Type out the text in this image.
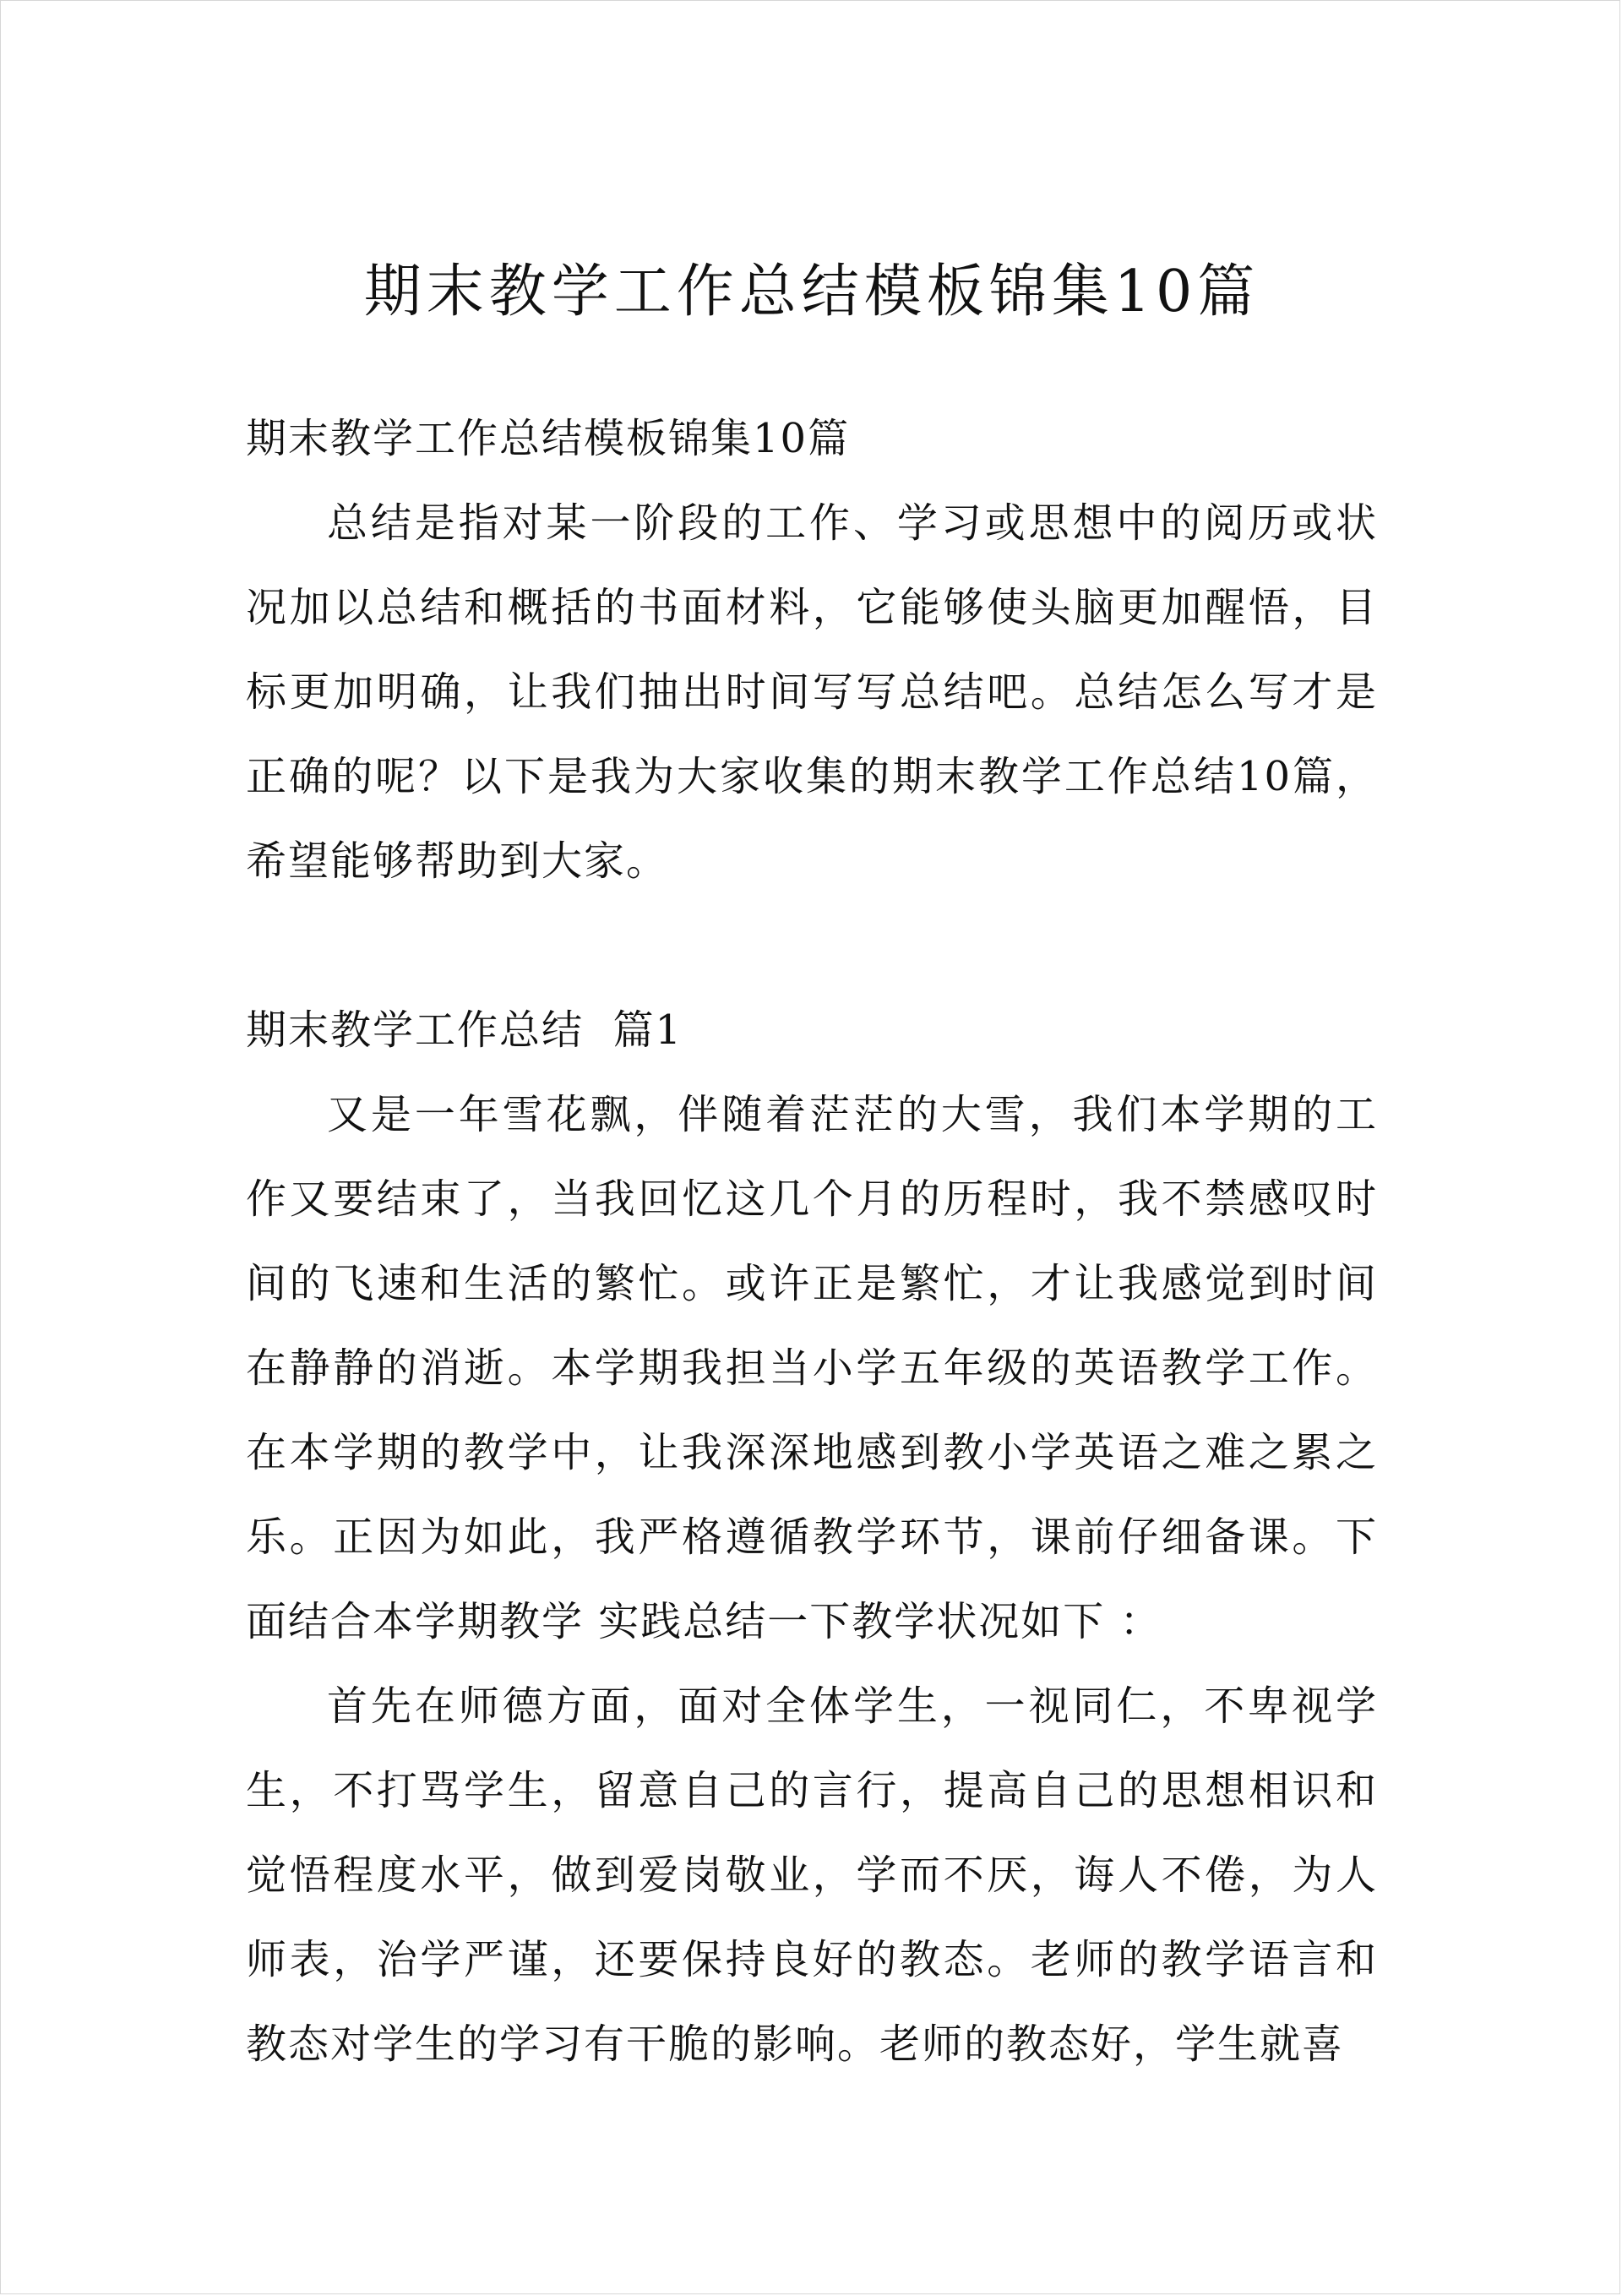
期末教学工作总结模板锦集10篇

期末教学工作总结模板锦集10篇

总结是指对某一阶段的工作、学习或思想中的阅历或状况加以总结和概括的书面材料，它能够使头脑更加醒悟，目标更加明确，让我们抽出时间写写总结吧。总结怎么写才是正确的呢？以下是我为大家收集的期末教学工作总结10篇，希望能够帮助到大家。

期末教学工作总结  篇1

又是一年雪花飘，伴随着茫茫的大雪，我们本学期的工作又要结束了，当我回忆这几个月的历程时，我不禁感叹时间的飞速和生活的繁忙。或许正是繁忙，才让我感觉到时间在静静的消逝。本学期我担当小学五年级的英语教学工作。在本学期的教学中，让我深深地感到教小学英语之难之累之乐。正因为如此，我严格遵循教学环节，课前仔细备课。下面结合本学期教学 实践总结一下教学状况如下 ：

首先在师德方面，面对全体学生，一视同仁，不卑视学生，不打骂学生，留意自己的言行，提高自己的思想相识和觉悟程度水平，做到爱岗敬业，学而不厌，诲人不倦，为人师表，治学严谨，还要保持良好的教态。老师的教学语言和教态对学生的学习有干脆的影响。老师的教态好，学生就喜
